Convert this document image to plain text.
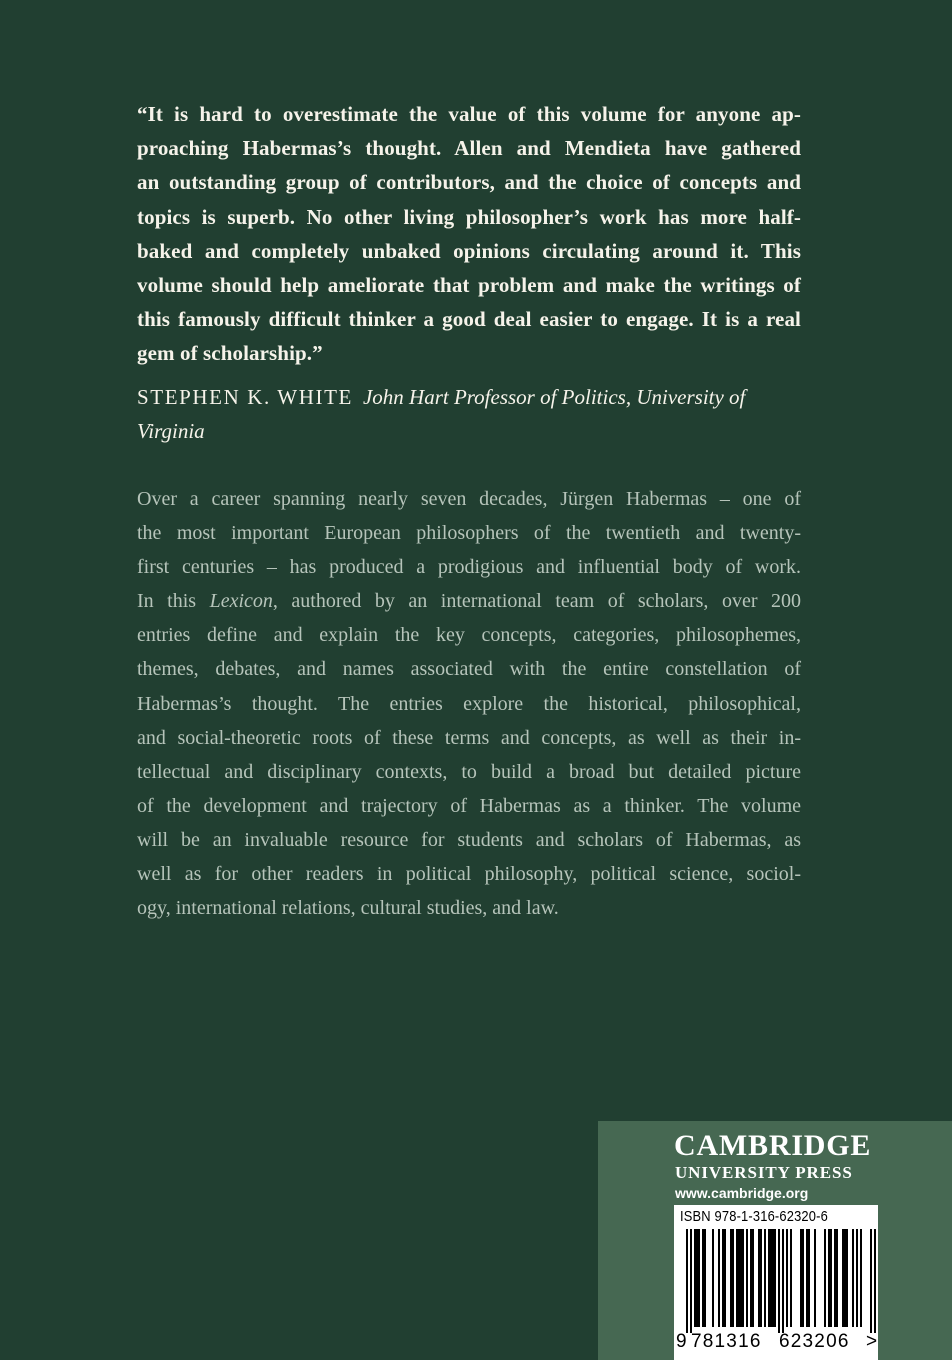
“It is hard to overestimate the value of this volume for anyone ap-
proaching Habermas’s thought. Allen and Mendieta have gathered
an outstanding group of contributors, and the choice of concepts and
topics is superb. No other living philosopher’s work has more half-
baked and completely unbaked opinions circulating around it. This
volume should help ameliorate that problem and make the writings of
this famously difficult thinker a good deal easier to engage. It is a real
gem of scholarship.”
STEPHEN K. WHITE John Hart Professor of Politics, University of Virginia
Over a career spanning nearly seven decades, Jürgen Habermas – one of
the most important European philosophers of the twentieth and twenty-
first centuries – has produced a prodigious and influential body of work.
In this Lexicon, authored by an international team of scholars, over 200
entries define and explain the key concepts, categories, philosophemes,
themes, debates, and names associated with the entire constellation of
Habermas’s thought. The entries explore the historical, philosophical,
and social-theoretic roots of these terms and concepts, as well as their in-
tellectual and disciplinary contexts, to build a broad but detailed picture
of the development and trajectory of Habermas as a thinker. The volume
will be an invaluable resource for students and scholars of Habermas, as
well as for other readers in political philosophy, political science, sociol-
ogy, international relations, cultural studies, and law.
CAMBRIDGE
UNIVERSITY PRESS
www.cambridge.org
ISBN 978-1-316-62320-6
9 781316 623206 >
